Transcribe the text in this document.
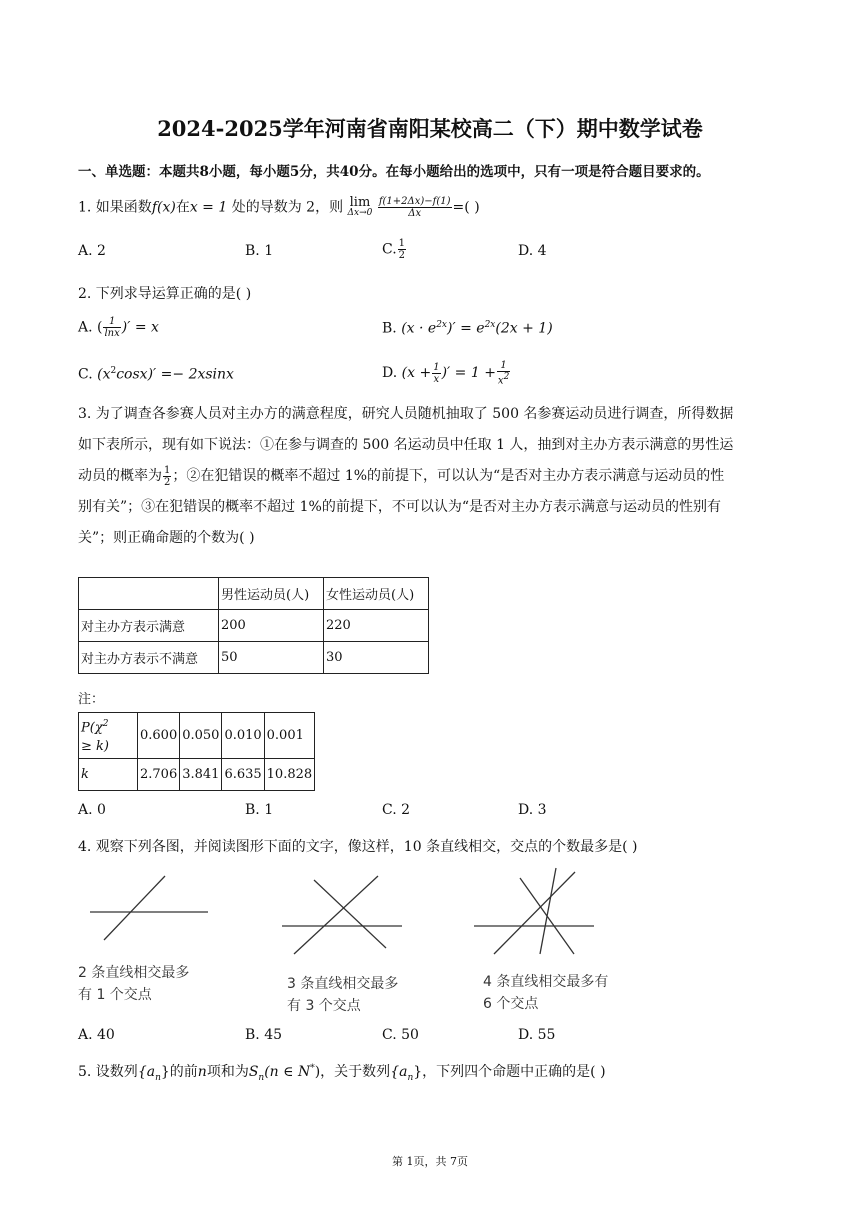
2024-2025学年河南省南阳某校高二（下）期中数学试卷
一、单选题：本题共8小题，每小题5分，共40分。在每小题给出的选项中，只有一项是符合题目要求的。
1. 如果函数f(x)在x = 1 处的导数为 2，则 lim
Δx→0
$\frac{f(1+2\Delta x)-f(1)}{\Delta x}$ =( )
A. 2	B. 1	C. $\frac{1}{2}$	D. 4
2. 下列求导运算正确的是( )
A. ( $\frac{1}{\ln x}$ )′ = x	B. $(x \cdot e^{2x})' = e^{2x}(2x + 1)$
C. $(x^2\cos x)' =- 2xsinx$	D. ($x + \frac{1}{x}$ )′ = $1 + \frac{1}{x^2}$
3. 为了调查各参赛人员对主办方的满意程度，研究人员随机抽取了 500 名参赛运动员进行调查，所得数据
如下表所示，现有如下说法：①在参与调查的 500 名运动员中任取 1 人，抽到对主办方表示满意的男性运
动员的概率为 $\frac{1}{2}$ ；②在犯错误的概率不超过 1%的前提下，可以认为“是否对主办方表示满意与运动员的性
别有关”；③在犯错误的概率不超过 1%的前提下，不可以认为“是否对主办方表示满意与运动员的性别有
关”；则正确命题的个数为( )
	男性运动员(人)	女性运动员(人)
对主办方表示满意	200	220
对主办方表示不满意	50	30
注：
$P(\chi^2$
≥ k)	0.600	0.050	0.010	0.001
k	2.706	3.841	6.635	10.828
A. 0	B. 1	C. 2	D. 3
4. 观察下列各图，并阅读图形下面的文字，像这样，10 条直线相交，交点的个数最多是( )
2 条直线相交最多
有 1 个交点
3 条直线相交最多
有 3 个交点
4 条直线相交最多有
6 个交点
A. 40	B. 45	C. 50	D. 55
5. 设数列$\{a_n\}$的前n项和为$S_n(n$ ∈ N*)，关于数列$\{a_n\}$，下列四个命题中正确的是( )
第 1页，共 7页
